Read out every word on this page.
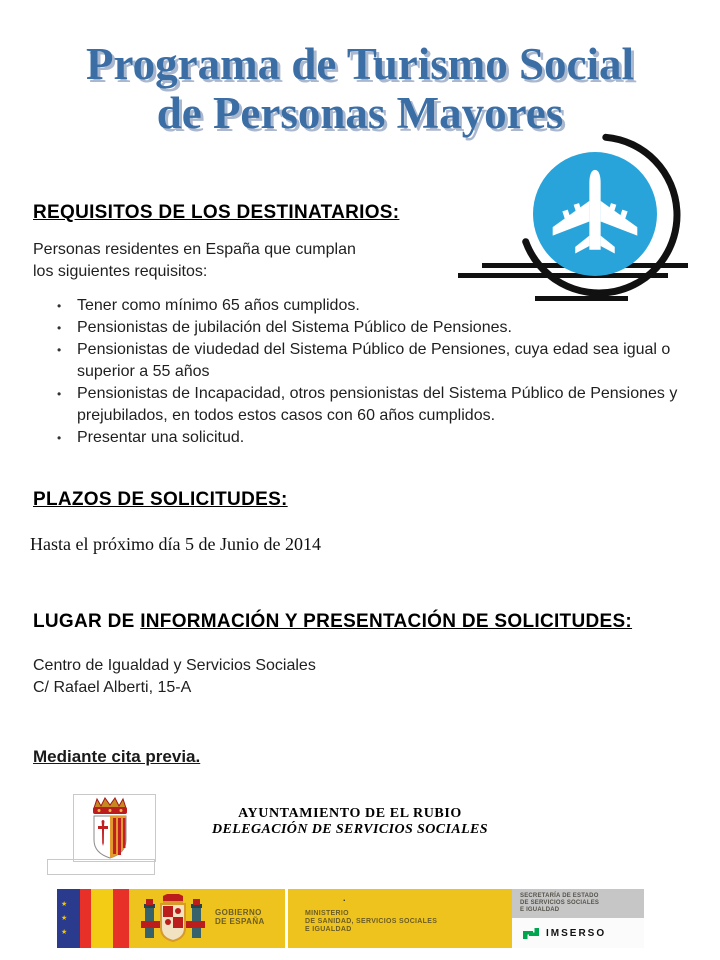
Programa de Turismo Social
de Personas Mayores
REQUISITOS DE LOS DESTINATARIOS:
Personas residentes en España que cumplan
los siguientes requisitos:
• Tener como mínimo 65 años cumplidos.
• Pensionistas de jubilación del Sistema Público de Pensiones.
• Pensionistas de viudedad del Sistema Público de Pensiones, cuya edad sea igual o superior a 55 años
• Pensionistas de Incapacidad, otros pensionistas del Sistema Público de Pensiones y prejubilados, en todos estos casos con 60 años cumplidos.
• Presentar una solicitud.
PLAZOS DE SOLICITUDES:
Hasta el próximo día 5 de Junio de 2014
LUGAR DE INFORMACIÓN Y PRESENTACIÓN DE SOLICITUDES:
Centro de Igualdad y Servicios Sociales
C/ Rafael Alberti, 15-A
Mediante cita previa.
AYUNTAMIENTO DE EL RUBIO
DELEGACIÓN DE SERVICIOS SOCIALES
★
★
★
GOBIERNO
DE ESPAÑA
.
MINISTERIO
DE SANIDAD, SERVICIOS SOCIALES
E IGUALDAD
SECRETARÍA DE ESTADO
DE SERVICIOS SOCIALES
E IGUALDAD
IMSERSO
